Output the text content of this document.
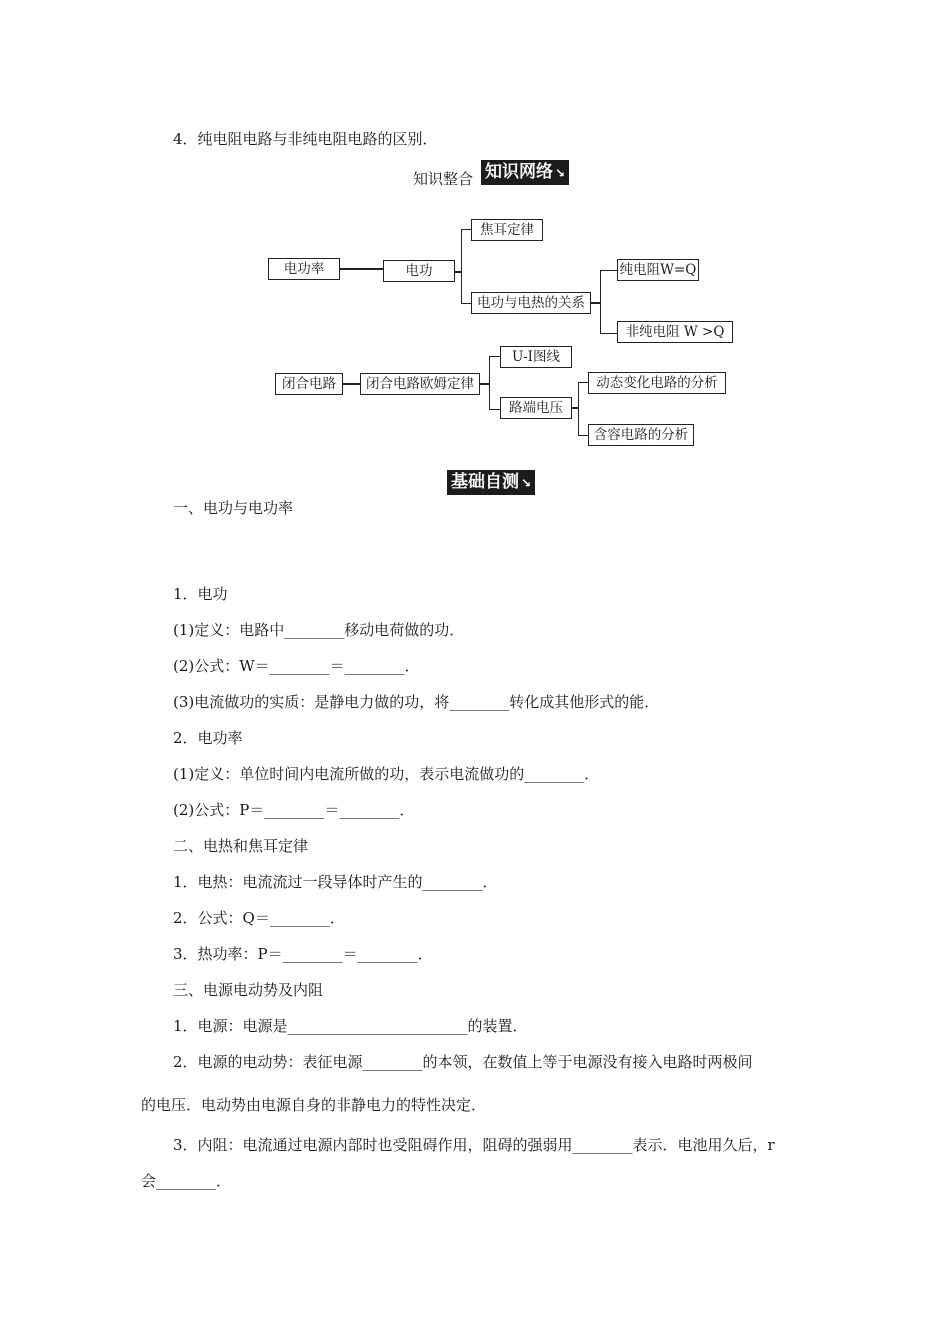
4．纯电阻电路与非纯电阻电路的区别．
知识整合 知识网络 ↘
电功率	电功
焦耳定律
电功与电热的关系
纯电阻W=Q
非纯电阻 W >Q
闭合电路	闭合电路欧姆定律
U-I图线
路端电压
动态变化电路的分析
含容电路的分析
基础自测 ↘
一、电功与电功率
1．电功
(1)定义：电路中________移动电荷做的功．
(2)公式：W＝________＝________．
(3)电流做功的实质：是静电力做的功，将________转化成其他形式的能．
2．电功率
(1)定义：单位时间内电流所做的功，表示电流做功的________．
(2)公式：P＝________＝________．
二、电热和焦耳定律
1．电热：电流流过一段导体时产生的________．
2．公式：Q＝________．
3．热功率：P＝________＝________．
三、电源电动势及内阻
1．电源：电源是________________________的装置．
2．电源的电动势：表征电源________的本领，在数值上等于电源没有接入电路时两极间
的电压．电动势由电源自身的非静电力的特性决定．
3．内阻：电流通过电源内部时也受阻碍作用，阻碍的强弱用________表示．电池用久后，r
会________．
